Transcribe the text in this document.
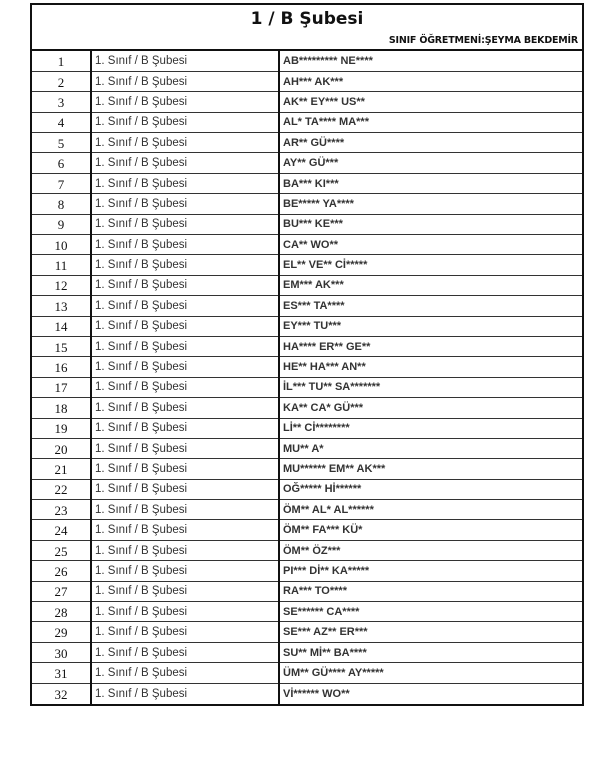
1 / B Şubesi
SINIF ÖĞRETMENİ:ŞEYMA BEKDEMİR
1	1. Sınıf / B Şubesi	AB********* NE****
2	1. Sınıf / B Şubesi	AH*** AK***
3	1. Sınıf / B Şubesi	AK** EY*** US**
4	1. Sınıf / B Şubesi	AL* TA**** MA***
5	1. Sınıf / B Şubesi	AR** GÜ****
6	1. Sınıf / B Şubesi	AY** GÜ***
7	1. Sınıf / B Şubesi	BA*** KI***
8	1. Sınıf / B Şubesi	BE***** YA****
9	1. Sınıf / B Şubesi	BU*** KE***
10	1. Sınıf / B Şubesi	CA** WO**
11	1. Sınıf / B Şubesi	EL** VE** Cİ*****
12	1. Sınıf / B Şubesi	EM*** AK***
13	1. Sınıf / B Şubesi	ES*** TA****
14	1. Sınıf / B Şubesi	EY*** TU***
15	1. Sınıf / B Şubesi	HA**** ER** GE**
16	1. Sınıf / B Şubesi	HE** HA*** AN**
17	1. Sınıf / B Şubesi	İL*** TU** SA*******
18	1. Sınıf / B Şubesi	KA** CA* GÜ***
19	1. Sınıf / B Şubesi	Lİ** Cİ********
20	1. Sınıf / B Şubesi	MU** A*
21	1. Sınıf / B Şubesi	MU****** EM** AK***
22	1. Sınıf / B Şubesi	OĞ***** Hİ******
23	1. Sınıf / B Şubesi	ÖM** AL* AL******
24	1. Sınıf / B Şubesi	ÖM** FA*** KÜ*
25	1. Sınıf / B Şubesi	ÖM** ÖZ***
26	1. Sınıf / B Şubesi	PI*** Dİ** KA*****
27	1. Sınıf / B Şubesi	RA*** TO****
28	1. Sınıf / B Şubesi	SE****** CA****
29	1. Sınıf / B Şubesi	SE*** AZ** ER***
30	1. Sınıf / B Şubesi	SU** Mİ** BA****
31	1. Sınıf / B Şubesi	ÜM** GÜ**** AY*****
32	1. Sınıf / B Şubesi	Vİ****** WO**
